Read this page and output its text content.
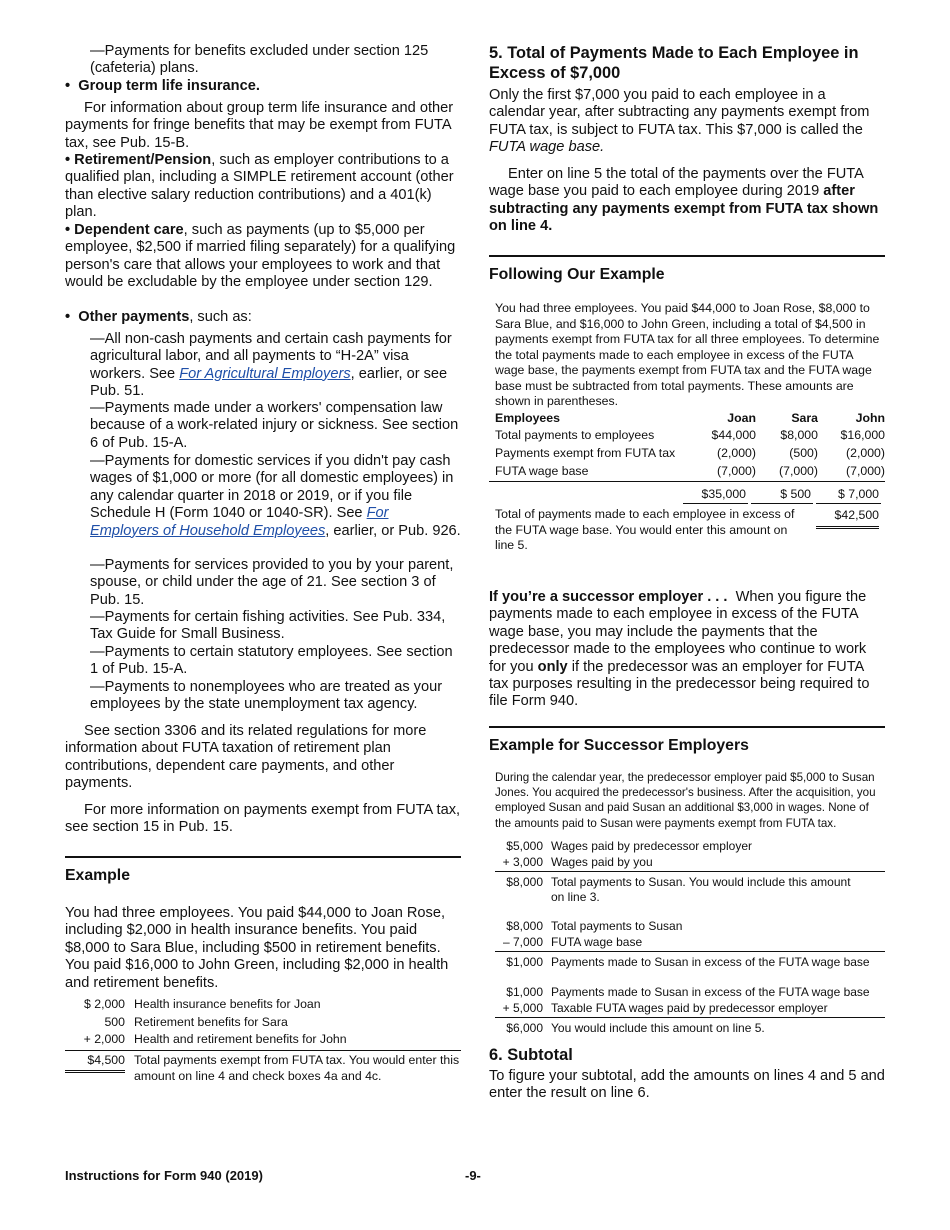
—Payments for benefits excluded under section 125 (cafeteria) plans.

•  Group term life insurance.

For information about group term life insurance and other payments for fringe benefits that may be exempt from FUTA tax, see Pub. 15-B.

• Retirement/Pension, such as employer contributions to a qualified plan, including a SIMPLE retirement account (other than elective salary reduction contributions) and a 401(k) plan.

• Dependent care, such as payments (up to $5,000 per employee, $2,500 if married filing separately) for a qualifying person's care that allows your employees to work and that would be excludable by the employee under section 129.

•  Other payments, such as:

—All non-cash payments and certain cash payments for agricultural labor, and all payments to “H-2A” visa workers. See For Agricultural Employers, earlier, or see Pub. 51.

—Payments made under a workers' compensation law because of a work-related injury or sickness. See section 6 of Pub. 15-A.

—Payments for domestic services if you didn't pay cash wages of $1,000 or more (for all domestic employees) in any calendar quarter in 2018 or 2019, or if you file Schedule H (Form 1040 or 1040-SR). See For Employers of Household Employees, earlier, or Pub. 926.

—Payments for services provided to you by your parent, spouse, or child under the age of 21. See section 3 of Pub. 15.

—Payments for certain fishing activities. See Pub. 334, Tax Guide for Small Business.

—Payments to certain statutory employees. See section 1 of Pub. 15-A.

—Payments to nonemployees who are treated as your employees by the state unemployment tax agency.

See section 3306 and its related regulations for more information about FUTA taxation of retirement plan contributions, dependent care payments, and other payments.

For more information on payments exempt from FUTA tax, see section 15 in Pub. 15.

Example

You had three employees. You paid $44,000 to Joan Rose, including $2,000 in health insurance benefits. You paid $8,000 to Sara Blue, including $500 in retirement benefits. You paid $16,000 to John Green, including $2,000 in health and retirement benefits.

$ 2,000	Health insurance benefits for Joan
500	Retirement benefits for Sara
+ 2,000	Health and retirement benefits for John

$4,500	Total payments exempt from FUTA tax. You would enter this amount on line 4 and check boxes 4a and 4c.

5. Total of Payments Made to Each Employee in Excess of $7,000

Only the first $7,000 you paid to each employee in a calendar year, after subtracting any payments exempt from FUTA tax, is subject to FUTA tax. This $7,000 is called the FUTA wage base.

Enter on line 5 the total of the payments over the FUTA wage base you paid to each employee during 2019 after subtracting any payments exempt from FUTA tax shown on line 4.

Following Our Example

You had three employees. You paid $44,000 to Joan Rose, $8,000 to Sara Blue, and $16,000 to John Green, including a total of $4,500 in payments exempt from FUTA tax for all three employees. To determine the total payments made to each employee in excess of the FUTA wage base, the payments exempt from FUTA tax and the FUTA wage base must be subtracted from total payments. These amounts are shown in parentheses.

Employees	Joan	Sara	John
Total payments to employees	$44,000	$8,000	$16,000
Payments exempt from FUTA tax	(2,000)	(500)	(2,000)
FUTA wage base	(7,000)	(7,000)	(7,000)
$35,000	$ 500	$ 7,000

Total of payments made to each employee in excess of the FUTA wage base. You would enter this amount on line 5.

$42,500

If you’re a successor employer . . . When you figure the payments made to each employee in excess of the FUTA wage base, you may include the payments that the predecessor made to the employees who continue to work for you only if the predecessor was an employer for FUTA tax purposes resulting in the predecessor being required to file Form 940.

Example for Successor Employers

During the calendar year, the predecessor employer paid $5,000 to Susan Jones. You acquired the predecessor's business. After the acquisition, you employed Susan and paid Susan an additional $3,000 in wages. None of the amounts paid to Susan were payments exempt from FUTA tax.

$5,000 Wages paid by predecessor employer
+ 3,000 Wages paid by you
$8,000 Total payments to Susan. You would include this amount on line 3.
$8,000 Total payments to Susan
– 7,000 FUTA wage base
$1,000 Payments made to Susan in excess of the FUTA wage base
$1,000 Payments made to Susan in excess of the FUTA wage base
+ 5,000 Taxable FUTA wages paid by predecessor employer
$6,000 You would include this amount on line 5.

6. Subtotal

To figure your subtotal, add the amounts on lines 4 and 5 and enter the result on line 6.

Instructions for Form 940 (2019)	-9-
